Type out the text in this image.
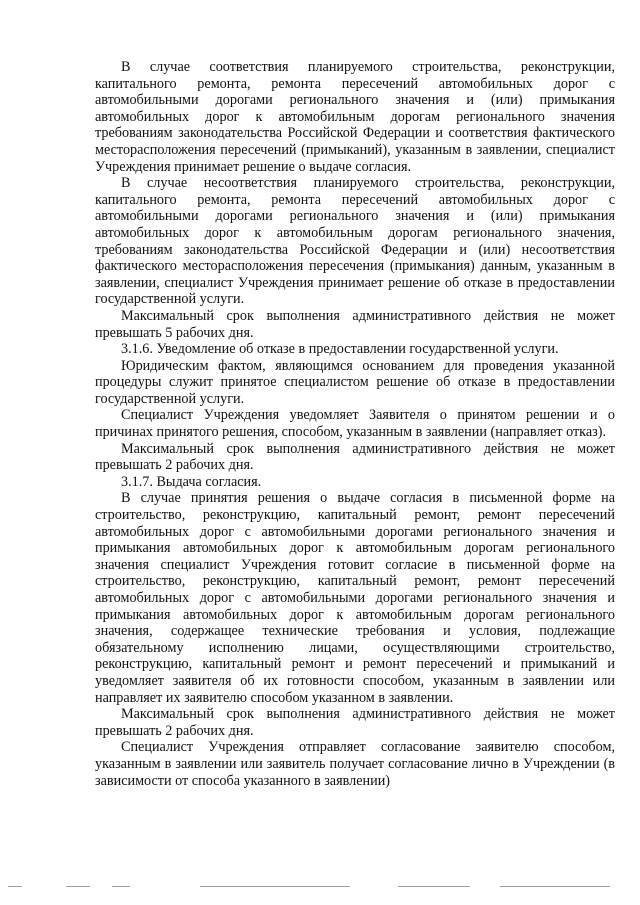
В случае соответствия планируемого строительства, реконструкции, капитального ремонта, ремонта пересечений автомобильных дорог с автомобильными дорогами регионального значения и (или) примыкания автомобильных дорог к автомобильным дорогам регионального значения требованиям законодательства Российской Федерации и соответствия фактического месторасположения пересечений (примыканий), указанным в заявлении, специалист Учреждения принимает решение о выдаче согласия.

В случае несоответствия планируемого строительства, реконструкции, капитального ремонта, ремонта пересечений автомобильных дорог с автомобильными дорогами регионального значения и (или) примыкания автомобильных дорог к автомобильным дорогам регионального значения, требованиям законодательства Российской Федерации и (или) несоответствия фактического месторасположения пересечения (примыкания) данным, указанным в заявлении, специалист Учреждения принимает решение об отказе в предоставлении государственной услуги.

Максимальный срок выполнения административного действия не может превышать 5 рабочих дня.

3.1.6. Уведомление об отказе в предоставлении государственной услуги.

Юридическим фактом, являющимся основанием для проведения указанной процедуры служит принятое специалистом решение об отказе в предоставлении государственной услуги.

Специалист Учреждения уведомляет Заявителя о принятом решении и о причинах принятого решения, способом, указанным в заявлении (направляет отказ).

Максимальный срок выполнения административного действия не может превышать 2 рабочих дня.

3.1.7. Выдача согласия.

В случае принятия решения о выдаче согласия в письменной форме на строительство, реконструкцию, капитальный ремонт, ремонт пересечений автомобильных дорог с автомобильными дорогами регионального значения и примыкания автомобильных дорог к автомобильным дорогам регионального значения специалист Учреждения готовит согласие в письменной форме на строительство, реконструкцию, капитальный ремонт, ремонт пересечений автомобильных дорог с автомобильными дорогами регионального значения и примыкания автомобильных дорог к автомобильным дорогам регионального значения, содержащее технические требования и условия, подлежащие обязательному исполнению лицами, осуществляющими строительство, реконструкцию, капитальный ремонт и ремонт пересечений и примыканий и уведомляет заявителя об их готовности способом, указанным в заявлении или направляет их заявителю способом указанном в заявлении.

Максимальный срок выполнения административного действия не может превышать 2 рабочих дня.

Специалист Учреждения отправляет согласование заявителю способом, указанным в заявлении или заявитель получает согласование лично в Учреждении (в зависимости от способа указанного в заявлении)
